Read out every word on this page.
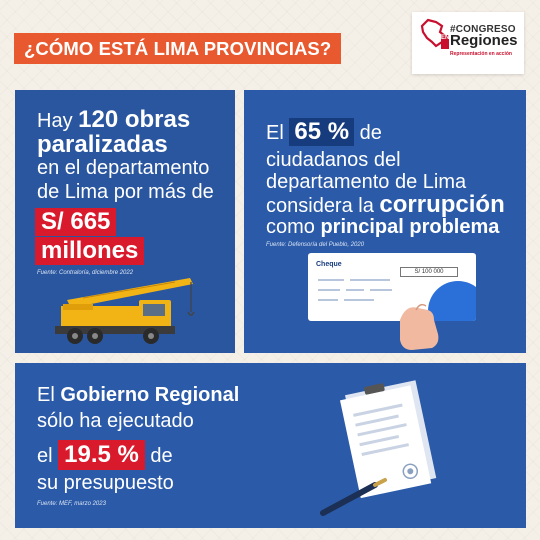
¿CÓMO ESTÁ LIMA PROVINCIAS?
#CONGRESO
EN Regiones
Representación en acción
Hay 120 obras
paralizadas
en el departamento
de Lima por más de
S/ 665
millones
Fuente: Contraloría, diciembre 2022
El 65 % de
ciudadanos del
departamento de Lima
considera la corrupción
como principal problema
Fuente: Defensoría del Pueblo, 2020
Cheque
S/ 100 000
El Gobierno Regional
sólo ha ejecutado
el 19.5 % de
su presupuesto
Fuente: MEF, marzo 2023
